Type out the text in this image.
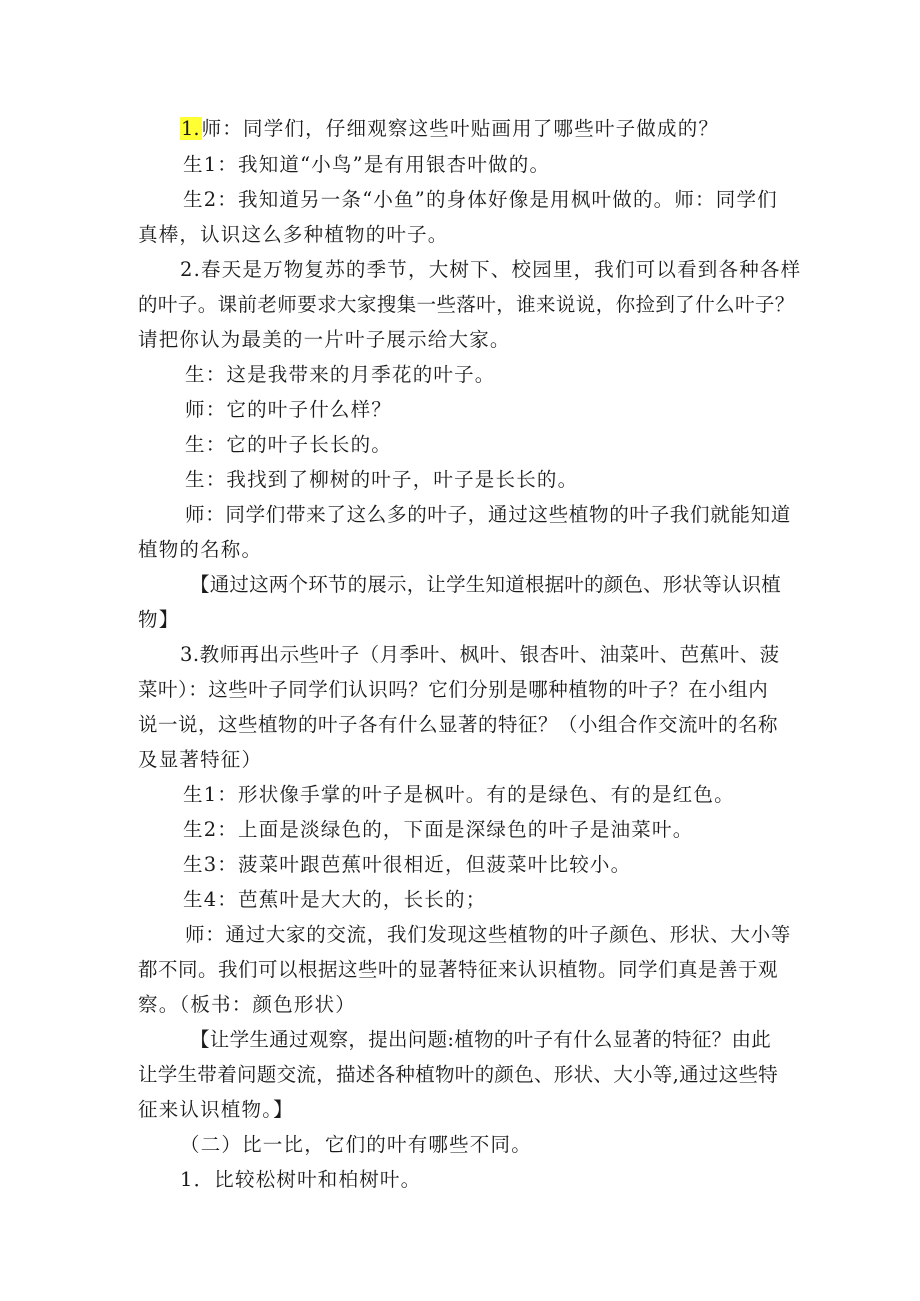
1. 师：同学们，仔细观察这些叶贴画用了哪些叶子做成的？
生1：我知道“小鸟”是有用银杏叶做的。
生2：我知道另一条“小鱼”的身体好像是用枫叶做的。师：同学们
真棒，认识这么多种植物的叶子。
2.春天是万物复苏的季节，大树下、校园里，我们可以看到各种各样
的叶子。课前老师要求大家搜集一些落叶，谁来说说，你捡到了什么叶子？
请把你认为最美的一片叶子展示给大家。
生：这是我带来的月季花的叶子。
师：它的叶子什么样？
生：它的叶子长长的。
生：我找到了柳树的叶子，叶子是长长的。
师：同学们带来了这么多的叶子，通过这些植物的叶子我们就能知道
植物的名称。
【通过这两个环节的展示，让学生知道根据叶的颜色、形状等认识植
物】
3.教师再出示些叶子（月季叶、枫叶、银杏叶、油菜叶、芭蕉叶、菠
菜叶）：这些叶子同学们认识吗？它们分别是哪种植物的叶子？在小组内
说一说，这些植物的叶子各有什么显著的特征？（小组合作交流叶的名称
及显著特征）
生1：形状像手掌的叶子是枫叶。有的是绿色、有的是红色。
生2：上面是淡绿色的，下面是深绿色的叶子是油菜叶。
生3：菠菜叶跟芭蕉叶很相近，但菠菜叶比较小。
生4：芭蕉叶是大大的，长长的；
师：通过大家的交流，我们发现这些植物的叶子颜色、形状、大小等
都不同。我们可以根据这些叶的显著特征来认识植物。同学们真是善于观
察。（板书：颜色形状）
【让学生通过观察，提出问题:植物的叶子有什么显著的特征？由此
让学生带着问题交流，描述各种植物叶的颜色、形状、大小等,通过这些特
征来认识植物。】
（二）比一比，它们的叶有哪些不同。
1．比较松树叶和柏树叶。
